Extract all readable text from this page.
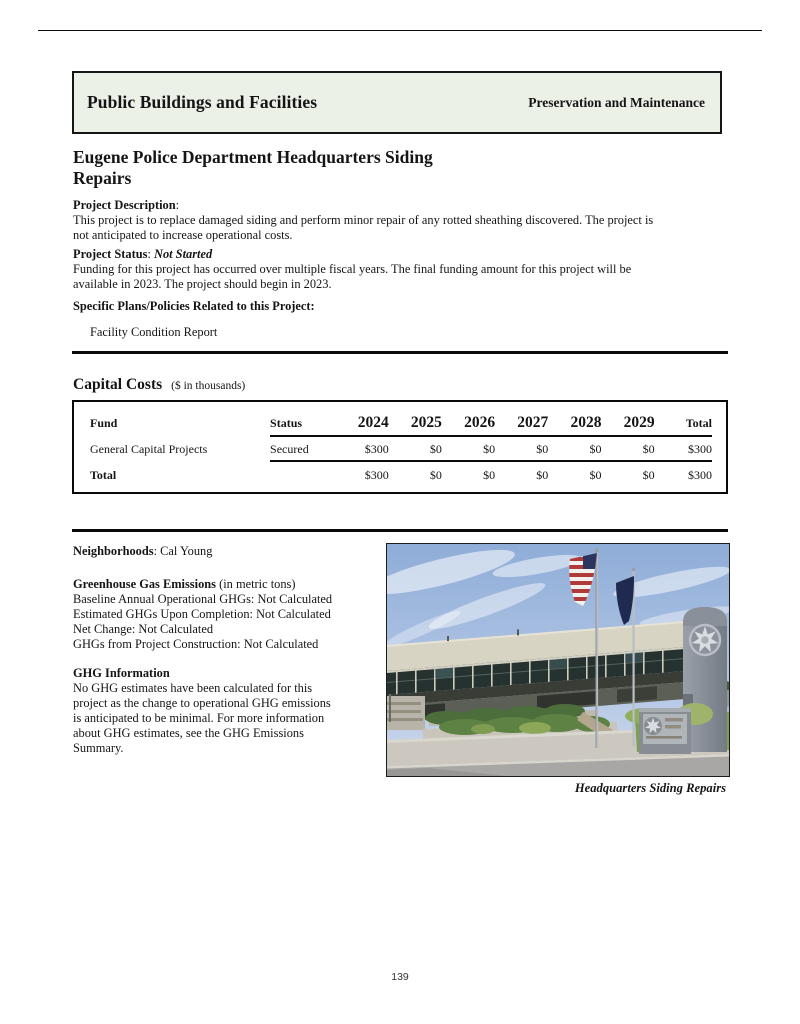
Public Buildings and Facilities	Preservation and Maintenance
Eugene Police Department Headquarters Siding
Repairs
Project Description:
This project is to replace damaged siding and perform minor repair of any rotted sheathing discovered. The project is
not anticipated to increase operational costs.
Project Status: Not Started
Funding for this project has occurred over multiple fiscal years. The final funding amount for this project will be
available in 2023. The project should begin in 2023.
Specific Plans/Policies Related to this Project:
Facility Condition Report
Capital Costs ($ in thousands)
Fund	Status	2024	2025	2026	2027	2028	2029	Total
General Capital Projects	Secured	$300	$0	$0	$0	$0	$0	$300
Total		$300	$0	$0	$0	$0	$0	$300
Neighborhoods: Cal Young
Greenhouse Gas Emissions (in metric tons)
Baseline Annual Operational GHGs: Not Calculated
Estimated GHGs Upon Completion: Not Calculated
Net Change: Not Calculated
GHGs from Project Construction: Not Calculated
GHG Information
No GHG estimates have been calculated for this
project as the change to operational GHG emissions
is anticipated to be minimal. For more information
about GHG estimates, see the GHG Emissions
Summary.
Headquarters Siding Repairs
139
